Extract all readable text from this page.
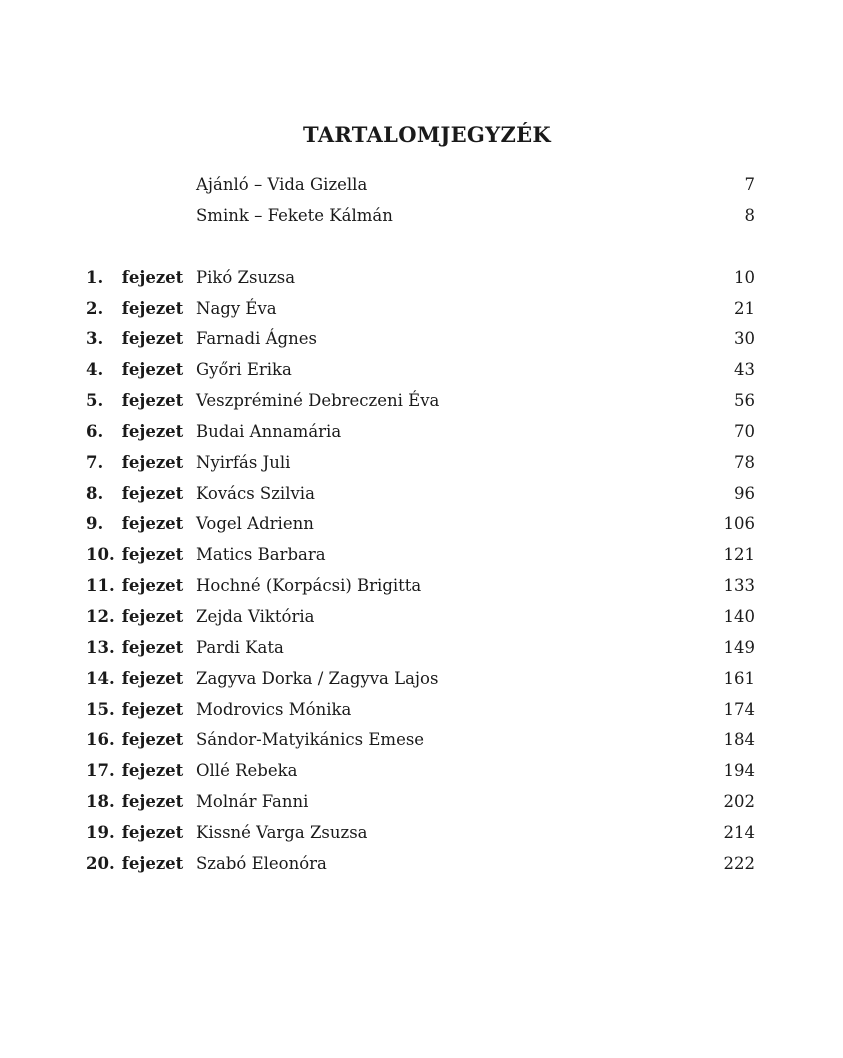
TARTALOMJEGYZÉK
Ajánló – Vida Gizella	7
Smink – Fekete Kálmán	8
1. fejezet Pikó Zsuzsa	10
2. fejezet Nagy Éva	21
3. fejezet Farnadi Ágnes	30
4. fejezet Győri Erika	43
5. fejezet Veszpréminé Debreczeni Éva	56
6. fejezet Budai Annamária	70
7. fejezet Nyirfás Juli	78
8. fejezet Kovács Szilvia	96
9. fejezet Vogel Adrienn	106
10. fejezet Matics Barbara	121
11. fejezet Hochné (Korpácsi) Brigitta	133
12. fejezet Zejda Viktória	140
13. fejezet Pardi Kata	149
14. fejezet Zagyva Dorka / Zagyva Lajos	161
15. fejezet Modrovics Mónika	174
16. fejezet Sándor-Matyikánics Emese	184
17. fejezet Ollé Rebeka	194
18. fejezet Molnár Fanni	202
19. fejezet Kissné Varga Zsuzsa	214
20. fejezet Szabó Eleonóra	222
